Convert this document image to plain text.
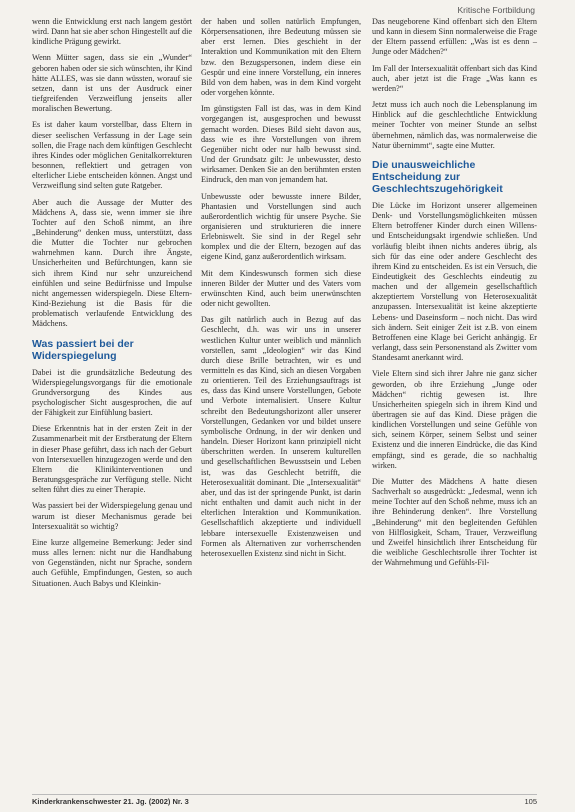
Kritische Fortbildung

wenn die Entwicklung erst nach langem gestört wird. Dann hat sie aber schon Hingestellt auf die kindliche Prägung gewirkt.

Wenn Mütter sagen, dass sie ein „Wunder“ geboren haben oder sie sich wünschten, ihr Kind hätte ALLES, was sie dann wüssten, worauf sie setzen, dann ist uns der Ausdruck einer tiefgreifenden Verzweiflung jenseits aller moralischen Bewertung.

Es ist daher kaum vorstellbar, dass Eltern in dieser seelischen Verfassung in der Lage sein sollen, die Frage nach dem künftigen Geschlecht ihres Kindes oder möglichen Genitalkorrekturen besonnen, reflektiert und getragen von elterlicher Liebe entscheiden können. Angst und Verzweiflung sind selten gute Ratgeber.

Aber auch die Aussage der Mutter des Mädchens A, dass sie, wenn immer sie ihre Tochter auf den Schoß nimmt, an ihre „Behinderung“ denken muss, unterstützt, dass die Mutter die Tochter nur gebrochen wahrnehmen kann. Durch ihre Ängste, Unsicherheiten und Befürchtungen, kann sie sich ihrem Kind nur sehr unzureichend einfühlen und seine Bedürfnisse und Impulse nicht angemessen widerspiegeln. Diese Eltern-Kind-Beziehung ist die Basis für die problematisch verlaufende Entwicklung des Mädchens.

Was passiert bei der Widerspiegelung

Dabei ist die grundsätzliche Bedeutung des Widerspiegelungsvorgangs für die emotionale Grundversorgung des Kindes aus psychologischer Sicht ausgesprochen, die auf der Fähigkeit zur Einfühlung basiert.

Diese Erkenntnis hat in der ersten Zeit in der Zusammenarbeit mit der Erstberatung der Eltern in dieser Phase geführt, dass ich nach der Geburt von Intersexuellen hinzugezogen werde und den Eltern die Klinikinterventionen und Beratungsgespräche zur Verfügung stelle. Nicht selten führt dies zu einer Therapie.

Was passiert bei der Widerspiegelung genau und warum ist dieser Mechanismus gerade bei Intersexualität so wichtig?

Eine kurze allgemeine Bemerkung: Jeder sind muss alles lernen: nicht nur die Handhabung von Gegenständen, nicht nur Sprache, sondern auch Gefühle, Empfindungen, Gesten, so auch Situationen. Auch Babys und Kleinkin-

der haben und sollen natürlich Empfungen, Körpersensationen, ihre Bedeutung müssen sie aber erst lernen. Dies geschieht in der Interaktion und Kommunikation mit den Eltern bzw. den Bezugspersonen, indem diese ein Gespür und eine innere Vorstellung, ein inneres Bild von dem haben, was in dem Kind vorgeht oder vorgehen könnte.

Im günstigsten Fall ist das, was in dem Kind vorgegangen ist, ausgesprochen und bewusst gemacht worden. Dieses Bild sieht davon aus, dass wie es ihre Vorstellungen von ihrem Gegenüber nicht oder nur halb bewusst sind. Und der Grundsatz gilt: Je unbewusster, desto wirksamer. Denken Sie an den berühmten ersten Eindruck, den man von jemandem hat.

Unbewusste oder bewusste innere Bilder, Phantasien und Vorstellungen sind auch außerordentlich wichtig für unsere Psyche. Sie organisieren und strukturieren die innere Erlebniswelt. Sie sind in der Regel sehr komplex und die der Eltern, bezogen auf das eigene Kind, ganz außerordentlich wirksam.

Mit dem Kindeswunsch formen sich diese inneren Bilder der Mutter und des Vaters vom erwünschten Kind, auch beim unerwünschten oder nicht gewollten.

Das gilt natürlich auch in Bezug auf das Geschlecht, d.h. was wir uns in unserer westlichen Kultur unter weiblich und männlich vorstellen, samt „Ideologien“ wir das Kind durch diese Brille betrachten, wir es und vermitteln es das Kind, sich an diesen Vorgaben zu orientieren. Teil des Erziehungsauftrags ist es, dass das Kind unsere Vorstellungen, Gebote und Verbote internalisiert. Unsere Kultur schreibt den Bedeutungshorizont aller unserer Vorstellungen, Gedanken vor und bildet unsere symbolische Ordnung, in der wir denken und handeln. Dieser Horizont kann prinzipiell nicht überschritten werden. In unserem kulturellen und gesellschaftlichen Bewusstsein und Leben ist, was das Geschlecht betrifft, die Heterosexualität dominant. Die „Intersexualität“ aber, und das ist der springende Punkt, ist darin nicht enthalten und damit auch nicht in der elterlichen Interaktion und Kommunikation. Gesellschaftlich akzeptierte und individuell lebbare intersexuelle Existenzweisen und Formen als Alternativen zur vorherrschenden heterosexuellen Existenz sind nicht in Sicht.

Das neugeborene Kind offenbart sich den Eltern und kann in diesem Sinn normalerweise die Frage der Eltern passend erfüllen: „Was ist es denn – Junge oder Mädchen?“

Im Fall der Intersexualität offenbart sich das Kind auch, aber jetzt ist die Frage „Was kann es werden?“

Jetzt muss ich auch noch die Lebensplanung im Hinblick auf die geschlechtliche Entwicklung meiner Tochter von meiner Stunde an selbst übernehmen, nämlich das, was normalerweise die Natur übernimmt“, sagte eine Mutter.

Die unausweichliche Entscheidung zur Geschlechtszugehörigkeit

Die Lücke im Horizont unserer allgemeinen Denk- und Vorstellungsmöglichkeiten müssen Eltern betroffener Kinder durch einen Willens- und Entscheidungsakt irgendwie schließen. Und vorläufig bleibt ihnen nichts anderes übrig, als sich für das eine oder andere Geschlecht des ihrem Kind zu entscheiden. Es ist ein Versuch, die Eindeutigkeit des Geschlechts eindeutig zu machen und der allgemein gesellschaftlich akzeptiertem Vorstellung von Heterosexualität anzupassen. Intersexualität ist keine akzeptierte Lebens- und Daseinsform – noch nicht. Das wird sich ändern. Seit einiger Zeit ist z.B. von einem Betroffenen eine Klage bei Gericht anhängig. Er verlangt, dass sein Personenstand als Zwitter vom Standesamt anerkannt wird.

Viele Eltern sind sich ihrer Jahre nie ganz sicher geworden, ob ihre Erziehung „Junge oder Mädchen“ richtig gewesen ist. Ihre Unsicherheiten spiegeln sich in ihrem Kind und übertragen sie auf das Kind. Diese prägen die kindlichen Vorstellungen und seine Gefühle von sich, seinem Körper, seinem Selbst und seiner Existenz und die inneren Eindrücke, die das Kind empfängt, sind es gerade, die so nachhaltig wirken.

Die Mutter des Mädchens A hatte diesen Sachverhalt so ausgedrückt: „Jedesmal, wenn ich meine Tochter auf den Schoß nehme, muss ich an ihre Behinderung denken“. Ihre Vorstellung „Behinderung“ mit den begleitenden Gefühlen von Hilflosigkeit, Scham, Trauer, Verzweiflung und Zweifel hinsichtlich ihrer Entscheidung für die weibliche Geschlechtsrolle ihrer Tochter ist der Wahrnehmung und Gefühls-Fil-

Kinderkrankenschwester 21. Jg. (2002) Nr. 3	105
